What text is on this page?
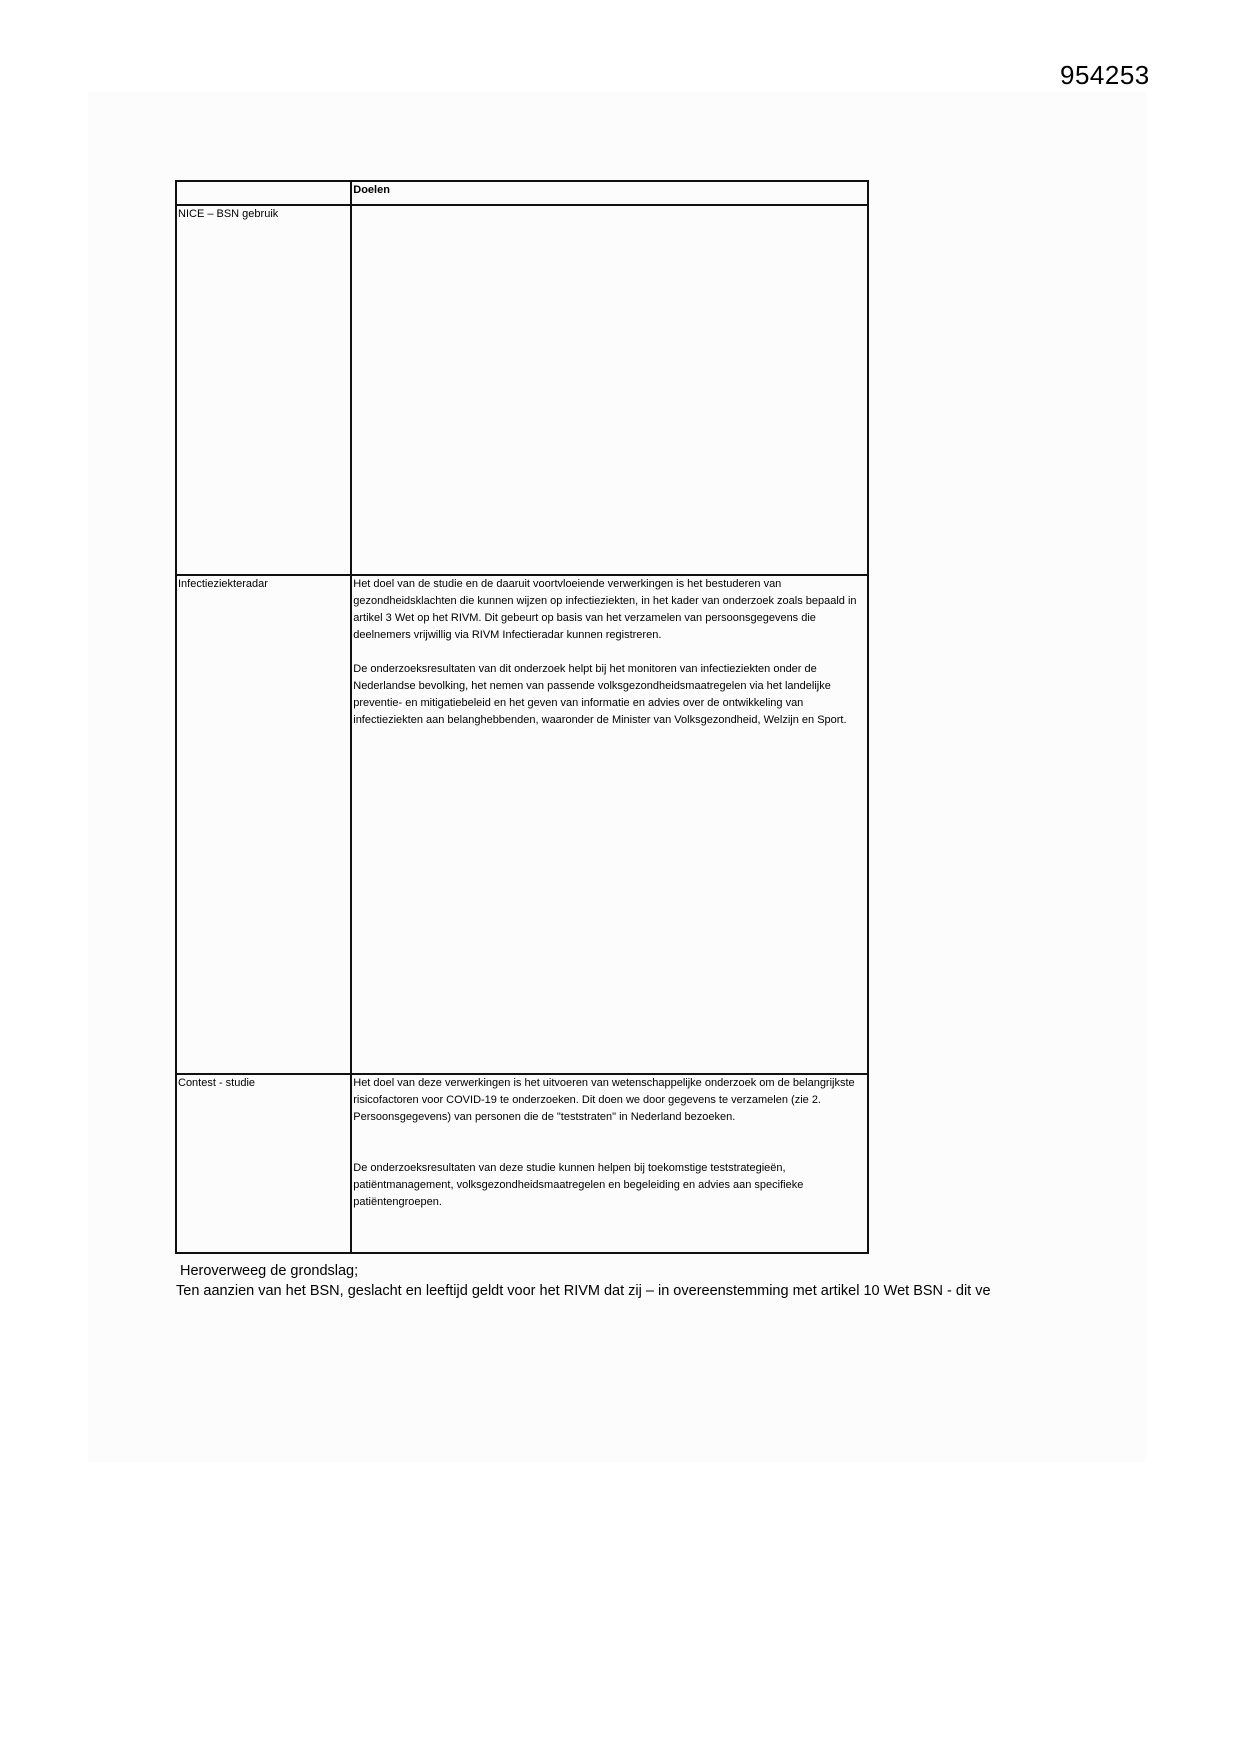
954253
	Doelen
NICE – BSN gebruik	
Infectieziekteradar	Het doel van de studie en de daaruit voortvloeiende verwerkingen is het bestuderen van gezondheidsklachten die kunnen wijzen op infectieziekten, in het kader van onderzoek zoals bepaald in artikel 3 Wet op het RIVM. Dit gebeurt op basis van het verzamelen van persoonsgegevens die deelnemers vrijwillig via RIVM Infectieradar kunnen registreren.

De onderzoeksresultaten van dit onderzoek helpt bij het monitoren van infectieziekten onder de Nederlandse bevolking, het nemen van passende volksgezondheidsmaatregelen via het landelijke preventie- en mitigatiebeleid en het geven van informatie en advies over de ontwikkeling van infectieziekten aan belanghebbenden, waaronder de Minister van Volksgezondheid, Welzijn en Sport.

Contest - studie	Het doel van deze verwerkingen is het uitvoeren van wetenschappelijke onderzoek om de belangrijkste risicofactoren voor COVID-19 te onderzoeken. Dit doen we door gegevens te verzamelen (zie 2. Persoonsgegevens) van personen die de "teststraten" in Nederland bezoeken.

De onderzoeksresultaten van deze studie kunnen helpen bij toekomstige teststrategieën, patiëntmanagement, volksgezondheidsmaatregelen en begeleiding en advies aan specifieke patiëntengroepen.

Heroverweeg de grondslag;
Ten aanzien van het BSN, geslacht en leeftijd geldt voor het RIVM dat zij – in overeenstemming met artikel 10 Wet BSN - dit ve
